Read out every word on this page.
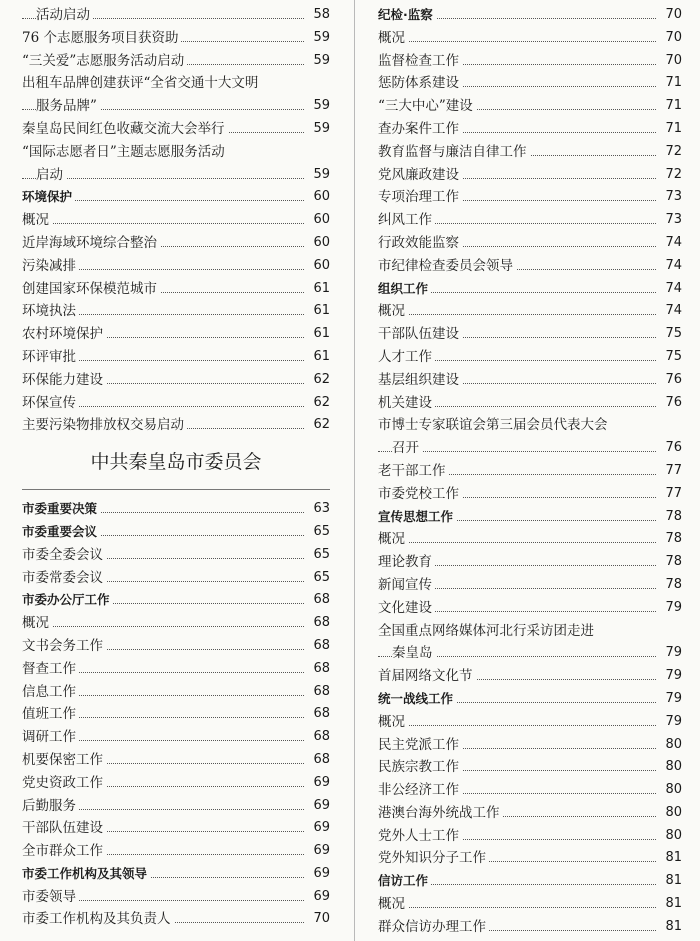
活动启动	58
76 个志愿服务项目获资助	59
“三关爱”志愿服务活动启动	59
出租车品牌创建获评“全省交通十大文明
服务品牌”	59
秦皇岛民间红色收藏交流大会举行	59
“国际志愿者日”主题志愿服务活动
启动	59
环境保护	60
概况	60
近岸海域环境综合整治	60
污染减排	60
创建国家环保模范城市	61
环境执法	61
农村环境保护	61
环评审批	61
环保能力建设	62
环保宣传	62
主要污染物排放权交易启动	62
中共秦皇岛市委员会
市委重要决策	63
市委重要会议	65
市委全委会议	65
市委常委会议	65
市委办公厅工作	68
概况	68
文书会务工作	68
督查工作	68
信息工作	68
值班工作	68
调研工作	68
机要保密工作	68
党史资政工作	69
后勤服务	69
干部队伍建设	69
全市群众工作	69
市委工作机构及其领导	69
市委领导	69
市委工作机构及其负责人	70
纪检·监察	70
概况	70
监督检查工作	70
惩防体系建设	71
“三大中心”建设	71
查办案件工作	71
教育监督与廉洁自律工作	72
党风廉政建设	72
专项治理工作	73
纠风工作	73
行政效能监察	74
市纪律检查委员会领导	74
组织工作	74
概况	74
干部队伍建设	75
人才工作	75
基层组织建设	76
机关建设	76
市博士专家联谊会第三届会员代表大会
召开	76
老干部工作	77
市委党校工作	77
宣传思想工作	78
概况	78
理论教育	78
新闻宣传	78
文化建设	79
全国重点网络媒体河北行采访团走进
秦皇岛	79
首届网络文化节	79
统一战线工作	79
概况	79
民主党派工作	80
民族宗教工作	80
非公经济工作	80
港澳台海外统战工作	80
党外人士工作	80
党外知识分子工作	81
信访工作	81
概况	81
群众信访办理工作	81
